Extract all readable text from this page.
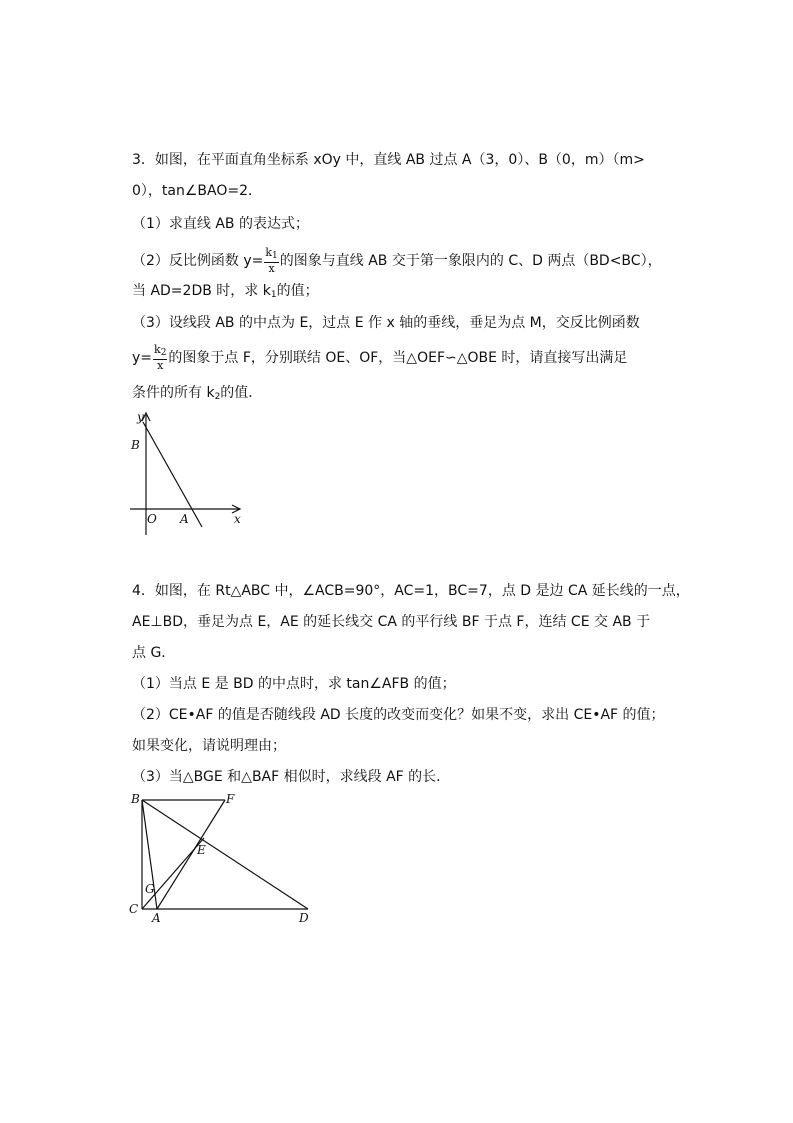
3．如图，在平面直角坐标系 xOy 中，直线 AB 过点 A（3，0）、B（0，m）（m>
0），tan∠BAO=2．
（1）求直线 AB 的表达式；
（2）反比例函数 $y= \frac{k_1}{x}$ 的图象与直线 AB 交于第一象限内的 C、D 两点（BD<BC），
当 AD=2DB 时，求 $k_1$的值；
（3）设线段 AB 的中点为 E，过点 E 作 x 轴的垂线，垂足为点 M，交反比例函数
$y= \frac{k_2}{x}$ 的图象于点 F，分别联结 OE、OF，当△OEF∽△OBE 时，请直接写出满足
条件的所有 $k_2$的值．
y
B
O A	x
4．如图，在 Rt△ABC 中，∠ACB=90°，AC=1，BC=7，点 D 是边 CA 延长线的一点，
AE⊥BD，垂足为点 E，AE 的延长线交 CA 的平行线 BF 于点 F，连结 CE 交 AB 于
点 G．
（1）当点 E 是 BD 的中点时，求 tan∠AFB 的值；
（2）CE•AF 的值是否随线段 AD 长度的改变而变化？如果不变，求出 CE•AF 的值；
如果变化，请说明理由；
（3）当△BGE 和△BAF 相似时，求线段 AF 的长．
B	F
E
G
C
A	D
